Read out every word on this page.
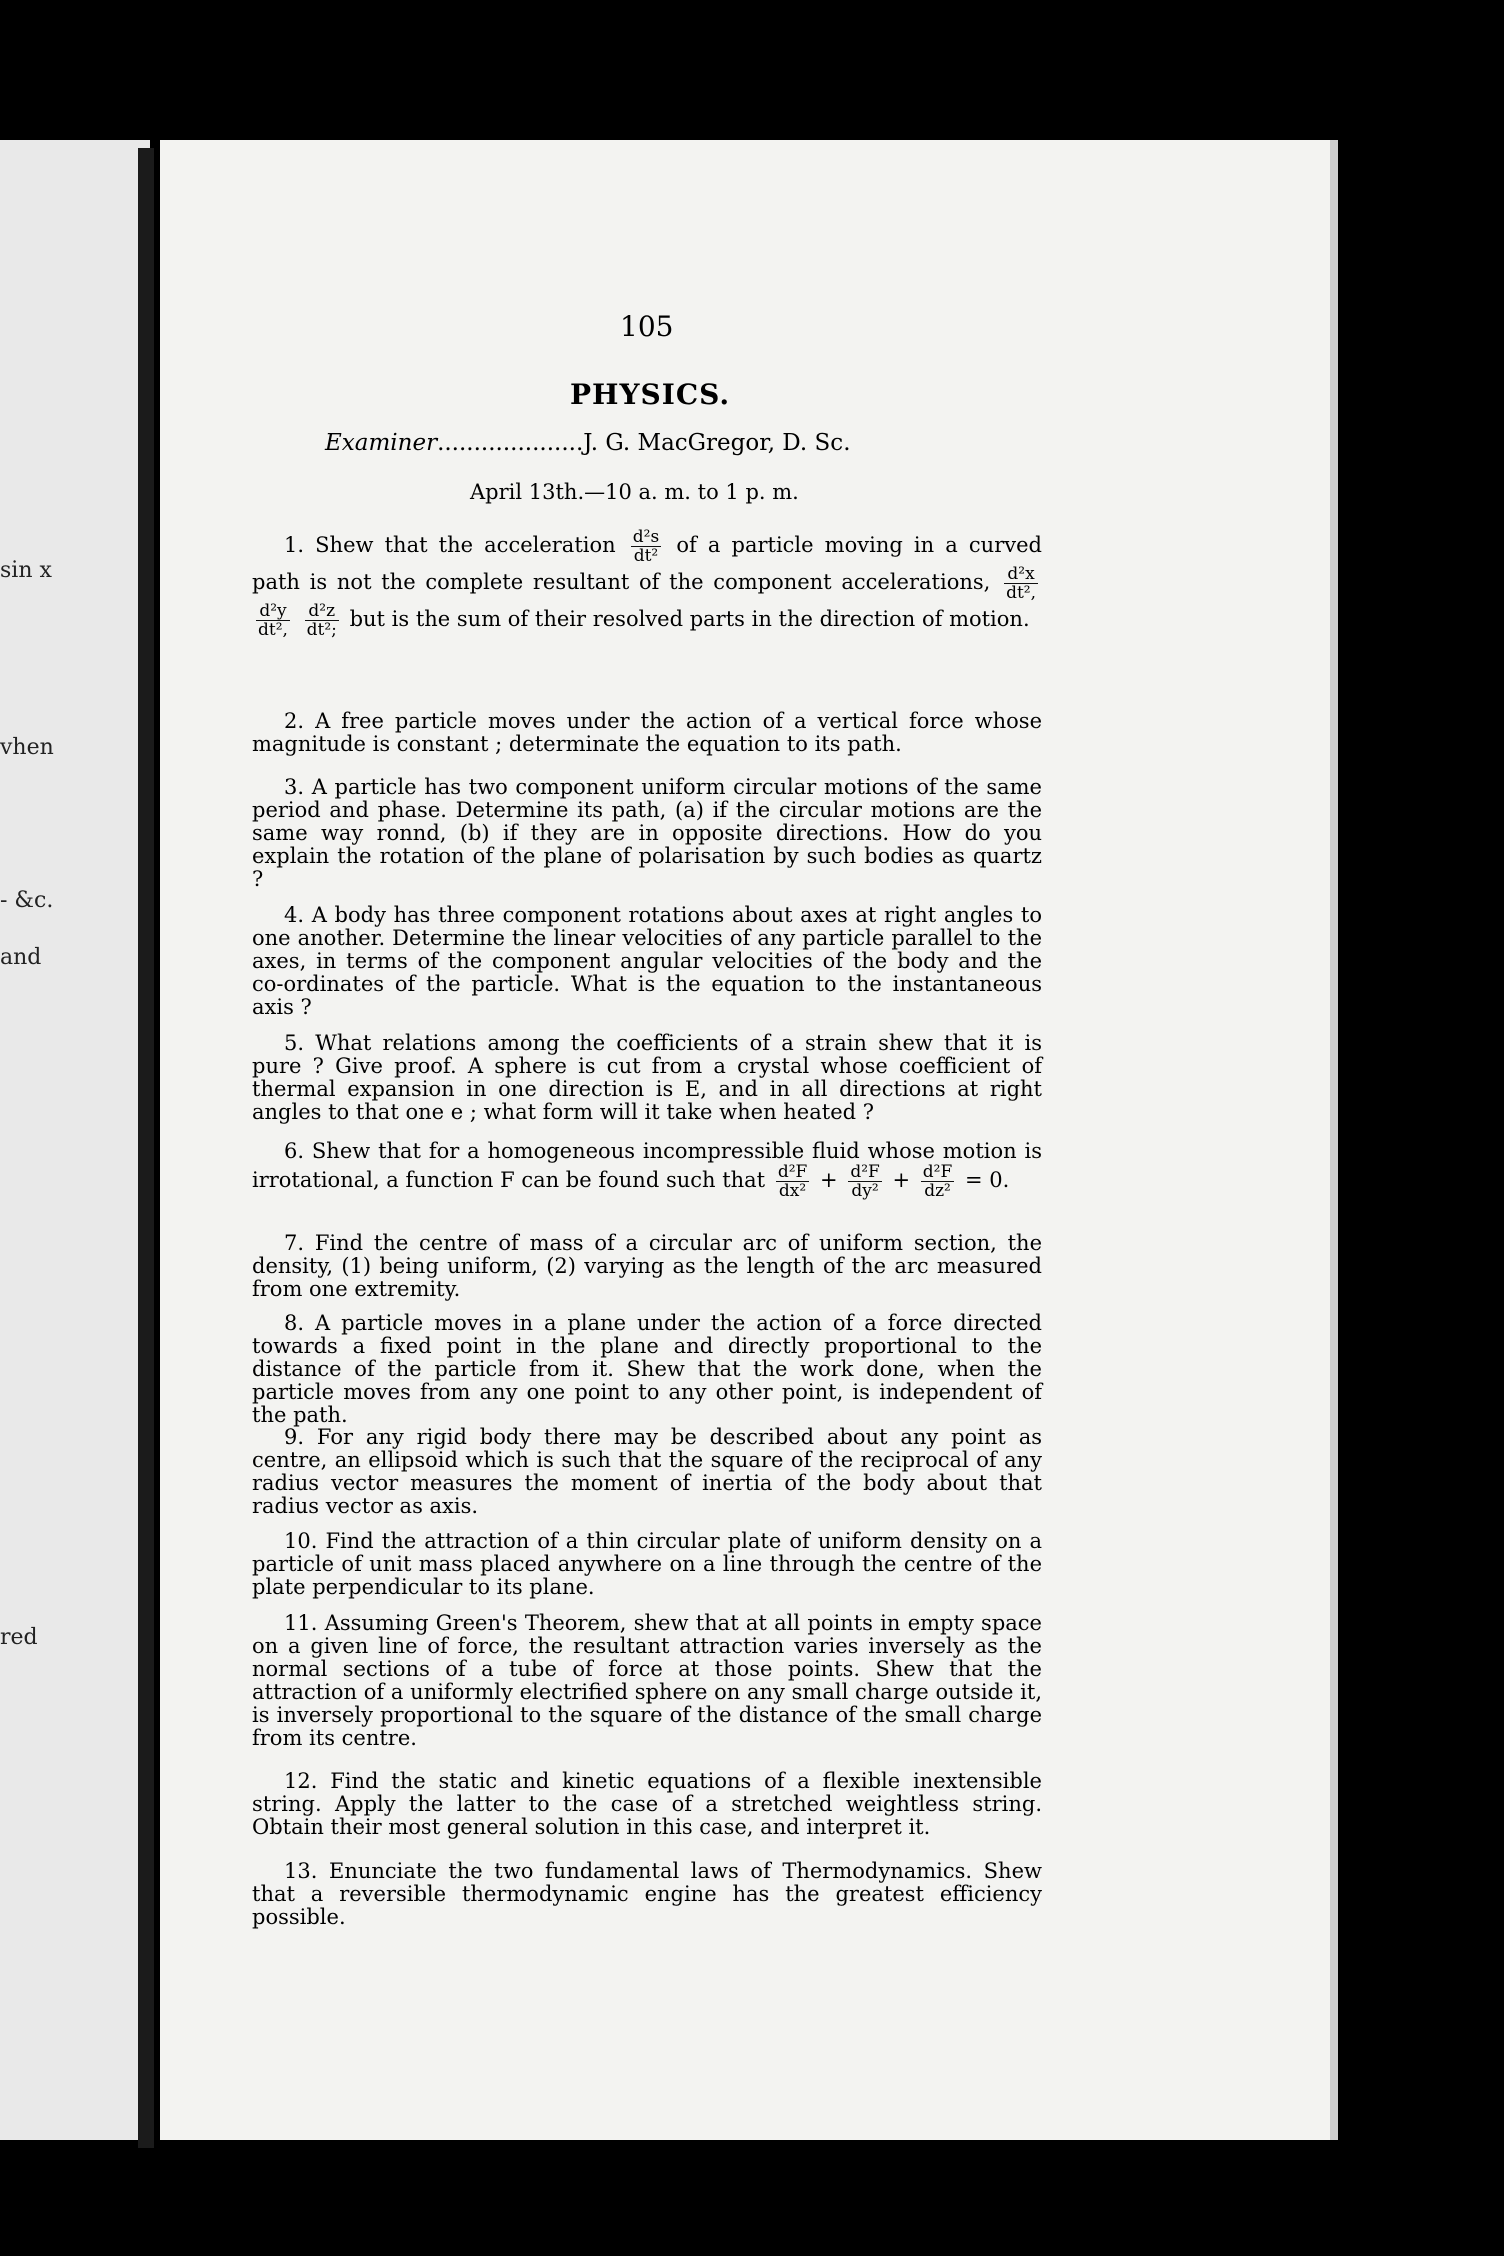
sin x
vhen
- &c.
and
red
105
PHYSICS.
Examiner....................J. G. MacGregor, D. Sc.
April 13th.—10 a. m. to 1 p. m.
1. Shew that the acceleration $\frac{\text{d²s}}{\text{dt²}}$ of a particle moving in a curved path is not the complete resultant of the component accelerations, $\frac{\text{d²x}}{\text{dt²,}}$

$\frac{\text{d²y}}{\text{dt²,}}$
$\frac{\text{d²z}}{\text{dt²;}}$ but is the sum of their resolved parts in the direction of motion.
2. A free particle moves under the action of a vertical force whose magnitude is constant ; determinate the equation to its path.
3. A particle has two component uniform circular motions of the same period and phase. Determine its path, (a) if the circular motions are the same way ronnd, (b) if they are in opposite directions. How do you explain the rotation of the plane of polarisation by such bodies as quartz ?
4. A body has three component rotations about axes at right angles to one another. Determine the linear velocities of any particle parallel to the axes, in terms of the component angular velocities of the body and the co-ordinates of the particle. What is the equation to the instantaneous axis ?
5. What relations among the coefficients of a strain shew that it is pure ? Give proof. A sphere is cut from a crystal whose coefficient of thermal expansion in one direction is E, and in all directions at right angles to that one e ; what form will it take when heated ?
6. Shew that for a homogeneous incompressible fluid whose motion is irrotational, a function F can be found such that $\frac{\text{d²F}}{\text{dx²}} + \frac{\text{d²F}}{\text{dy²}} + \frac{\text{d²F}}{\text{dz²}} = 0$.
7. Find the centre of mass of a circular arc of uniform section, the density, (1) being uniform, (2) varying as the length of the arc measured from one extremity.
8. A particle moves in a plane under the action of a force directed towards a fixed point in the plane and directly proportional to the distance of the particle from it. Shew that the work done, when the particle moves from any one point to any other point, is independent of the path.
9. For any rigid body there may be described about any point as centre, an ellipsoid which is such that the square of the reciprocal of any radius vector measures the moment of inertia of the body about that radius vector as axis.
10. Find the attraction of a thin circular plate of uniform density on a particle of unit mass placed anywhere on a line through the centre of the plate perpendicular to its plane.
11. Assuming Green's Theorem, shew that at all points in empty space on a given line of force, the resultant attraction varies inversely as the normal sections of a tube of force at those points. Shew that the attraction of a uniformly electrified sphere on any small charge outside it, is inversely proportional to the square of the distance of the small charge from its centre.
12. Find the static and kinetic equations of a flexible inextensible string. Apply the latter to the case of a stretched weightless string. Obtain their most general solution in this case, and interpret it.
13. Enunciate the two fundamental laws of Thermodynamics. Shew that a reversible thermodynamic engine has the greatest efficiency possible.
